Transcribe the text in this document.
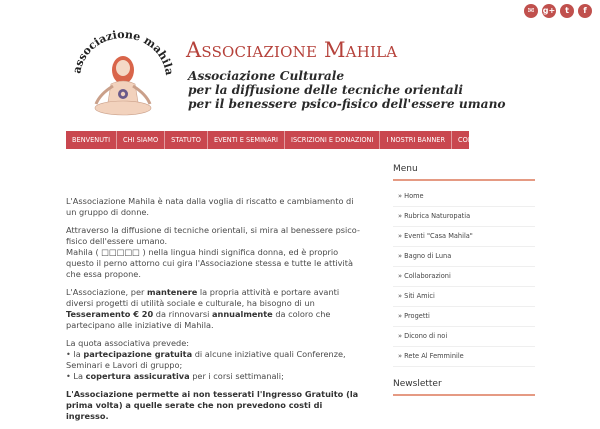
✉	g+	t	f
associazione mahila
Associazione Mahila
Associazione Culturale
per la diffusione delle tecniche orientali
per il benessere psico-fisico dell'essere umano
BENVENUTI	CHI SIAMO	STATUTO	EVENTI E SEMINARI	ISCRIZIONI E DONAZIONI	I NOSTRI BANNER	CONTATTI

L'Associazione Mahila è nata dalla voglia di riscatto e cambiamento di un gruppo di donne.

Attraverso la diffusione di tecniche orientali, si mira al benessere psico-fisico dell'essere umano.
Mahila ( □□□□□ ) nella lingua hindi significa donna, ed è proprio questo il perno attorno cui gira l'Associazione stessa e tutte le attività che essa propone.

L'Associazione, per mantenere la propria attività e portare avanti diversi progetti di utilità sociale e culturale, ha bisogno di un Tesseramento € 20 da rinnovarsi annualmente da coloro che partecipano alle iniziative di Mahila.

La quota associativa prevede:

• la partecipazione gratuita di alcune iniziative quali Conferenze, Seminari e Lavori di gruppo;
• La copertura assicurativa per i corsi settimanali;

L'Associazione permette ai non tesserati l'Ingresso Gratuito (la prima volta) a quelle serate che non prevedono costi di ingresso.

Menu
» Home
» Rubrica Naturopatia
» Eventi "Casa Mahila"
» Bagno di Luna
» Collaborazioni
» Siti Amici
» Progetti
» Dicono di noi
» Rete Al Femminile
Newsletter
